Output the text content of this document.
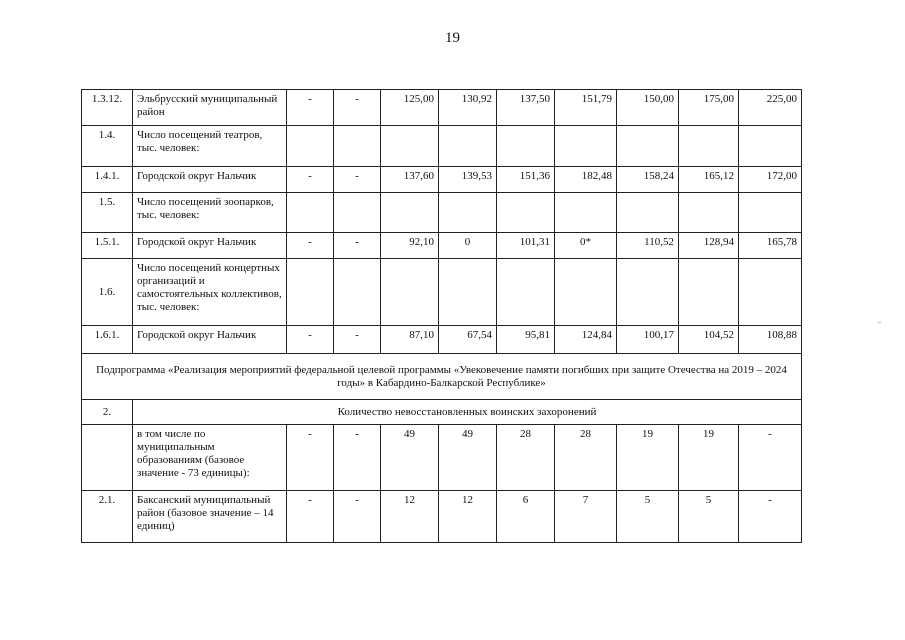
19
1.3.12.	Эльбрусский муниципальный район	-	-	125,00	130,92	137,50	151,79	150,00	175,00	225,00
1.4.	Число посещений театров, тыс. человек:									
1.4.1.	Городской округ Нальчик	-	-	137,60	139,53	151,36	182,48	158,24	165,12	172,00
1.5.	Число посещений зоопарков, тыс. человек:									
1.5.1.	Городской округ Нальчик	-	-	92,10	0	101,31	0*	110,52	128,94	165,78
1.6.	Число посещений концертных организаций и самостоятельных коллективов, тыс. человек:									
1.6.1.	Городской округ Нальчик	-	-	87,10	67,54	95,81	124,84	100,17	104,52	108,88
Подпрограмма «Реализация мероприятий федеральной целевой программы «Увековечение памяти погибших при защите Отечества на 2019 – 2024 годы» в Кабардино-Балкарской Республике»										
2.	Количество невосстановленных воинских захоронений									
	в том числе по муниципальным образованиям (базовое значение - 73 единицы):	-	-	49	49	28	28	19	19	-
2.1.	Баксанский муниципальный район (базовое значение – 14 единиц)	-	-	12	12	6	7	5	5	-
